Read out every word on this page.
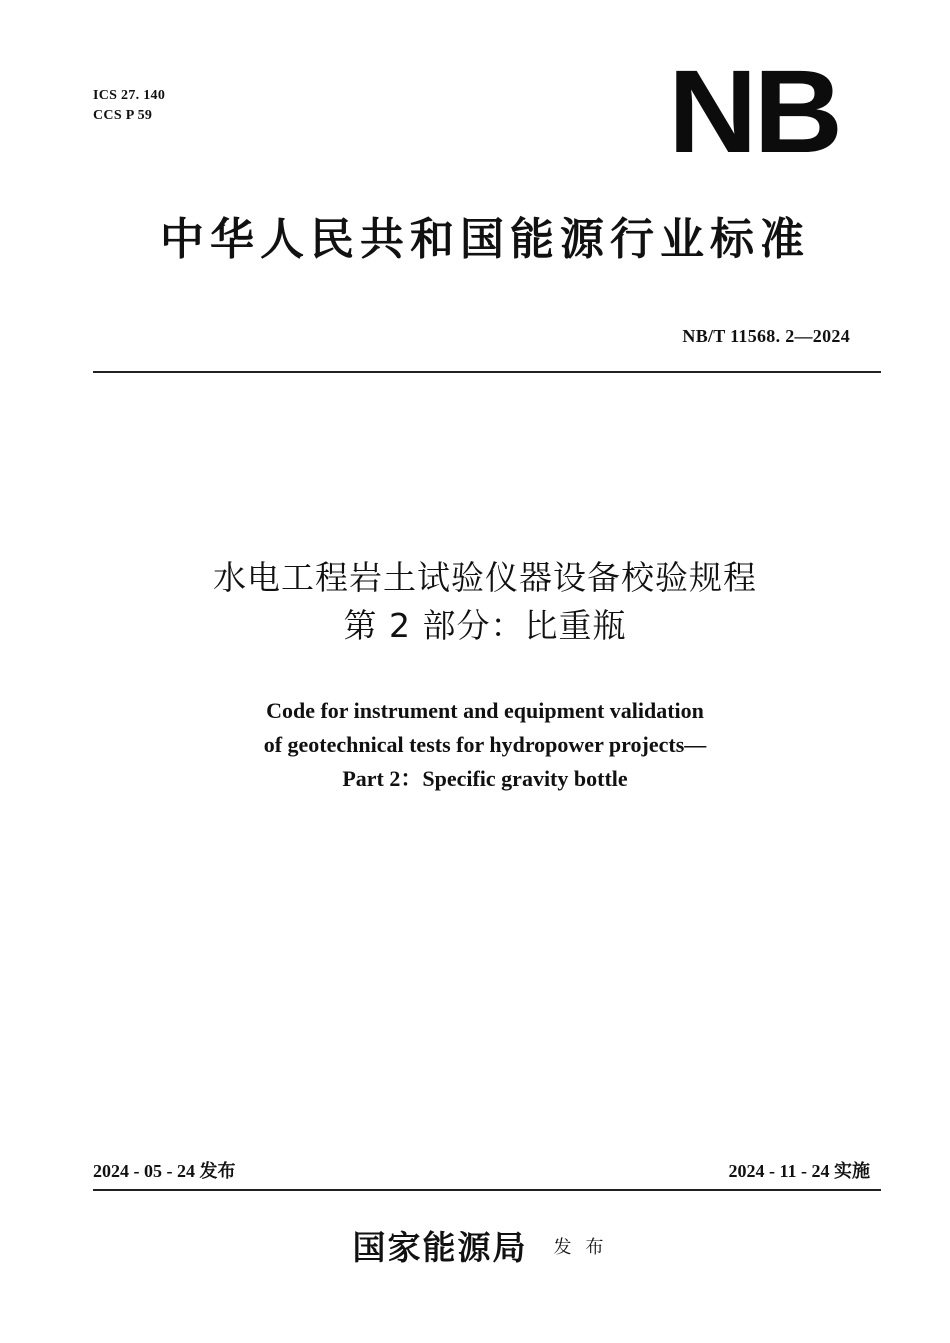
ICS 27. 140
CCS P 59	NB
中华人民共和国能源行业标准
NB/T 11568. 2—2024
水电工程岩土试验仪器设备校验规程
第 2 部分：比重瓶
Code for instrument and equipment validation
of geotechnical tests for hydropower projects—
Part 2：Specific gravity bottle
2024 - 05 - 24 发布	2024 - 11 - 24 实施
国家能源局 发布
